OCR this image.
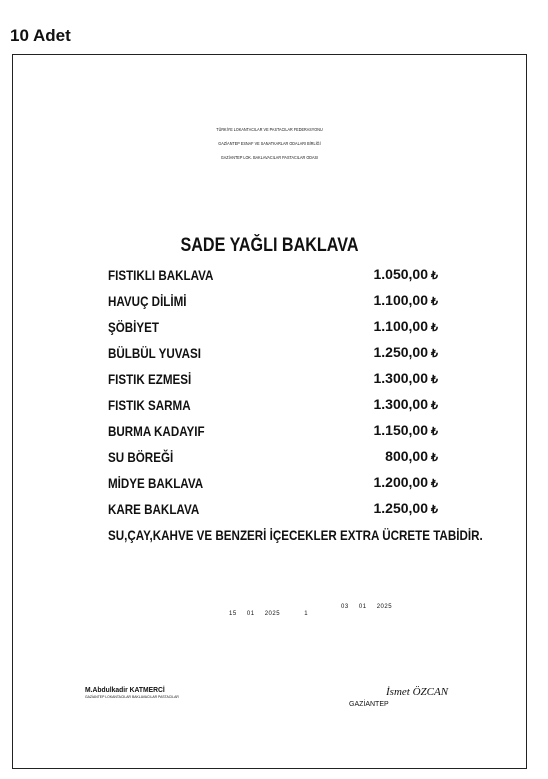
10 Adet
TÜRKİYE LOKANTACILAR VE PASTACILAR FEDERASYONU
GAZİANTEP ESNAF VE SANATKARLAR ODALARI BİRLİĞİ
GAZİANTEP LOK. BAKLAVACILAR PASTACILAR ODASI
SADE YAĞLI BAKLAVA
FISTIKLI BAKLAVA	1.050,00 ₺
HAVUÇ DİLİMİ	1.100,00 ₺
ŞÖBİYET	1.100,00 ₺
BÜLBÜL YUVASI	1.250,00 ₺
FISTIK EZMESİ	1.300,00 ₺
FISTIK SARMA	1.300,00 ₺
BURMA KADAYIF	1.150,00 ₺
SU BÖREĞİ	800,00 ₺
MİDYE BAKLAVA	1.200,00 ₺
KARE BAKLAVA	1.250,00 ₺
SU,ÇAY,KAHVE VE BENZERİ İÇECEKLER EXTRA ÜCRETE TABİDİR.
15 01 2025	1
03 01 2025
M.Abdulkadir KATMERCİ
GAZİANTEP LOKANTACILAR BAKLAVACILAR PASTACILAR	İsmet ÖZCAN
GAZİANTEP
